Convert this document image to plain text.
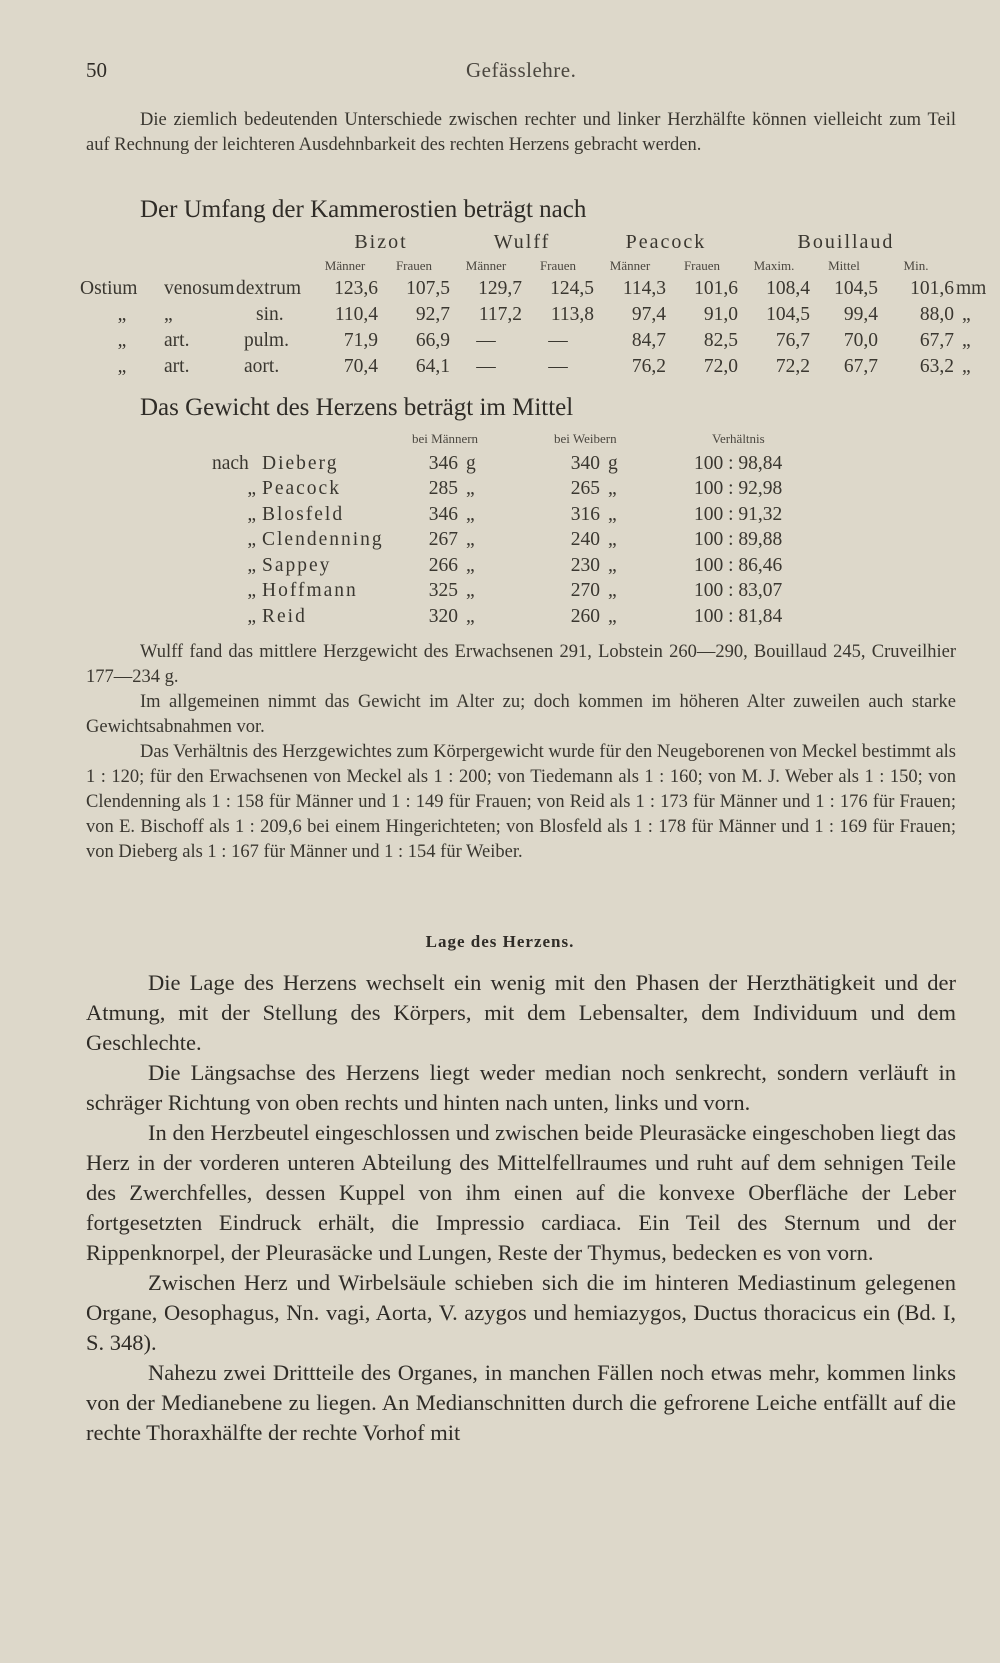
50	Gefässlehre.

Die ziemlich bedeutenden Unterschiede zwischen rechter und linker Herzhälfte können vielleicht zum Teil auf Rechnung der leichteren Ausdehnbarkeit des rechten Herzens gebracht werden.

Der Umfang der Kammerostien beträgt nach
			Bizot		Wulff		Peacock		Bouillaud			
			Männer	Frauen	Männer	Frauen	Männer	Frauen	Maxim.	Mittel	Min.	
Ostium	venosum	dextrum	123,6	107,5	129,7	124,5	114,3	101,6	108,4	104,5	101,6	mm
„	„	sin.	110,4	92,7	117,2	113,8	97,4	91,0	104,5	99,4	88,0	„
„	art.	pulm.	71,9	66,9	—	—	84,7	82,5	76,7	70,0	67,7	„
„	art.	aort.	70,4	64,1	—	—	76,2	72,0	72,2	67,7	63,2	„
Das Gewicht des Herzens beträgt im Mittel
		bei Männern		bei Weibern		Verhältnis
nach	Dieberg	346	g	340	g	100 : 98,84
„	Peacock	285	„	265	„	100 : 92,98
„	Blosfeld	346	„	316	„	100 : 91,32
„	Clendenning	267	„	240	„	100 : 89,88
„	Sappey	266	„	230	„	100 : 86,46
„	Hoffmann	325	„	270	„	100 : 83,07
„	Reid	320	„	260	„	100 : 81,84

Wulff fand das mittlere Herzgewicht des Erwachsenen 291, Lobstein 260—290, Bouillaud 245, Cruveilhier 177—234 g.

Im allgemeinen nimmt das Gewicht im Alter zu; doch kommen im höheren Alter zuweilen auch starke Gewichtsabnahmen vor.

Das Verhältnis des Herzgewichtes zum Körpergewicht wurde für den Neugeborenen von Meckel bestimmt als 1 : 120; für den Erwachsenen von Meckel als 1 : 200; von Tiedemann als 1 : 160; von M. J. Weber als 1 : 150; von Clendenning als 1 : 158 für Männer und 1 : 149 für Frauen; von Reid als 1 : 173 für Männer und 1 : 176 für Frauen; von E. Bischoff als 1 : 209,6 bei einem Hingerichteten; von Blosfeld als 1 : 178 für Männer und 1 : 169 für Frauen; von Dieberg als 1 : 167 für Männer und 1 : 154 für Weiber.

Lage des Herzens.

Die Lage des Herzens wechselt ein wenig mit den Phasen der Herzthätigkeit und der Atmung, mit der Stellung des Körpers, mit dem Lebensalter, dem Individuum und dem Geschlechte.

Die Längsachse des Herzens liegt weder median noch senkrecht, sondern verläuft in schräger Richtung von oben rechts und hinten nach unten, links und vorn.

In den Herzbeutel eingeschlossen und zwischen beide Pleurasäcke eingeschoben liegt das Herz in der vorderen unteren Abteilung des Mittelfellraumes und ruht auf dem sehnigen Teile des Zwerchfelles, dessen Kuppel von ihm einen auf die konvexe Oberfläche der Leber fortgesetzten Eindruck erhält, die Impressio cardiaca. Ein Teil des Sternum und der Rippenknorpel, der Pleurasäcke und Lungen, Reste der Thymus, bedecken es von vorn.

Zwischen Herz und Wirbelsäule schieben sich die im hinteren Mediastinum gelegenen Organe, Oesophagus, Nn. vagi, Aorta, V. azygos und hemiazygos, Ductus thoracicus ein (Bd. I, S. 348).

Nahezu zwei Drittteile des Organes, in manchen Fällen noch etwas mehr, kommen links von der Medianebene zu liegen. An Medianschnitten durch die gefrorene Leiche entfällt auf die rechte Thoraxhälfte der rechte Vorhof mit
